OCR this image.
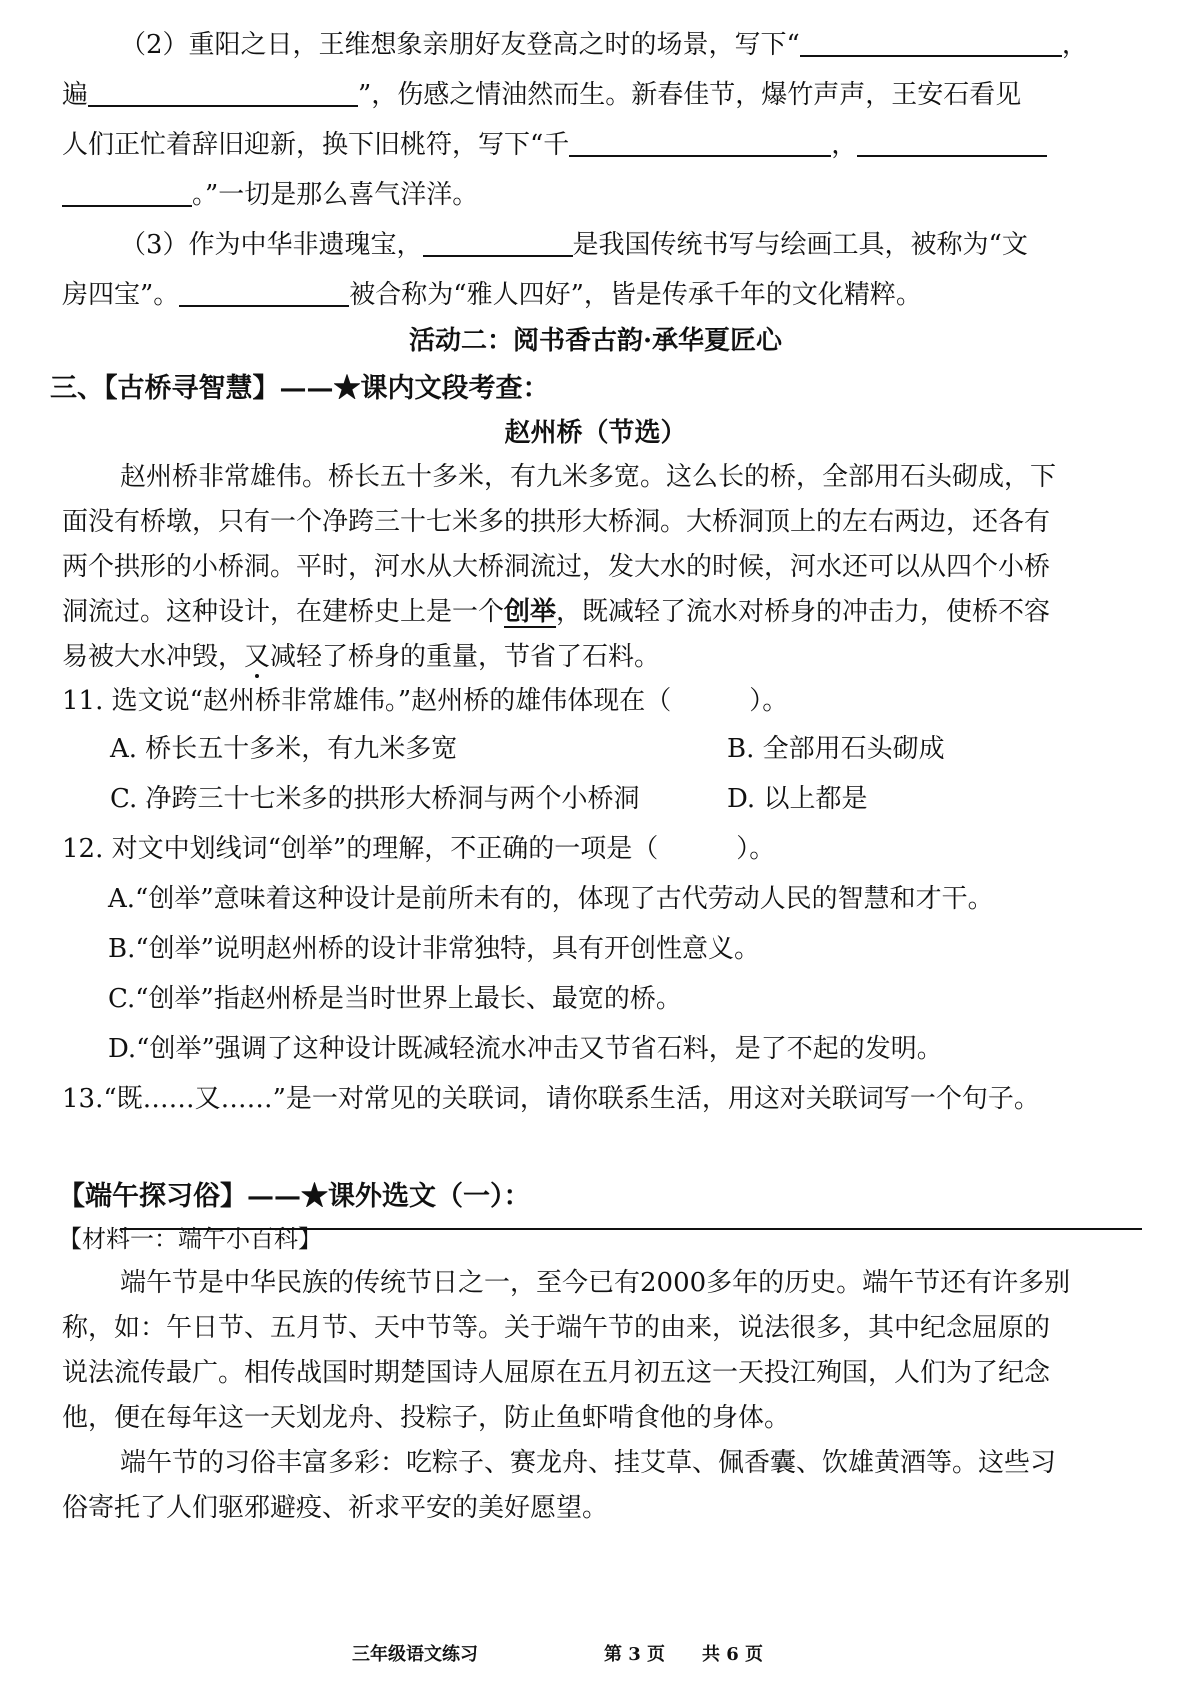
（2）重阳之日，王维想象亲朋好友登高之时的场景，写下“	，
遍	”，伤感之情油然而生。新春佳节，爆竹声声，王安石看见
人们正忙着辞旧迎新，换下旧桃符，写下“千	，
。”一切是那么喜气洋洋。
（3）作为中华非遗瑰宝，	是我国传统书写与绘画工具，被称为“文
房四宝”。	被合称为“雅人四好”，皆是传承千年的文化精粹。
活动二：阅书香古韵·承华夏匠心
三、【古桥寻智慧】——★课内文段考查：
赵州桥（节选）
赵州桥非常雄伟。桥长五十多米，有九米多宽。这么长的桥，全部用石头砌成，下
面没有桥墩，只有一个净跨三十七米多的拱形大桥洞。大桥洞顶上的左右两边，还各有
两个拱形的小桥洞。平时，河水从大桥洞流过，发大水的时候，河水还可以从四个小桥
洞流过。这种设计，在建桥史上是一个创举，既减轻了流水对桥身的冲击力，使桥不容
易被大水冲毁，又减轻了桥身的重量，节省了石料。
11. 选文说“赵州桥非常雄伟。”赵州桥的雄伟体现在（　　　）。
A. 桥长五十多米，有九米多宽	B. 全部用石头砌成
C. 净跨三十七米多的拱形大桥洞与两个小桥洞	D. 以上都是
12. 对文中划线词“创举”的理解，不正确的一项是（　　　）。
A.“创举”意味着这种设计是前所未有的，体现了古代劳动人民的智慧和才干。
B.“创举”说明赵州桥的设计非常独特，具有开创性意义。
C.“创举”指赵州桥是当时世界上最长、最宽的桥。
D.“创举”强调了这种设计既减轻流水冲击又节省石料，是了不起的发明。
13.“既……又……”是一对常见的关联词，请你联系生活，用这对关联词写一个句子。
【端午探习俗】——★课外选文（一）：
【材料一：端午小百科】
端午节是中华民族的传统节日之一，至今已有2000多年的历史。端午节还有许多别
称，如：午日节、五月节、天中节等。关于端午节的由来，说法很多，其中纪念屈原的
说法流传最广。相传战国时期楚国诗人屈原在五月初五这一天投江殉国，人们为了纪念
他，便在每年这一天划龙舟、投粽子，防止鱼虾啃食他的身体。
端午节的习俗丰富多彩：吃粽子、赛龙舟、挂艾草、佩香囊、饮雄黄酒等。这些习
俗寄托了人们驱邪避疫、祈求平安的美好愿望。
三年级语文练习	第 3 页 共 6 页
